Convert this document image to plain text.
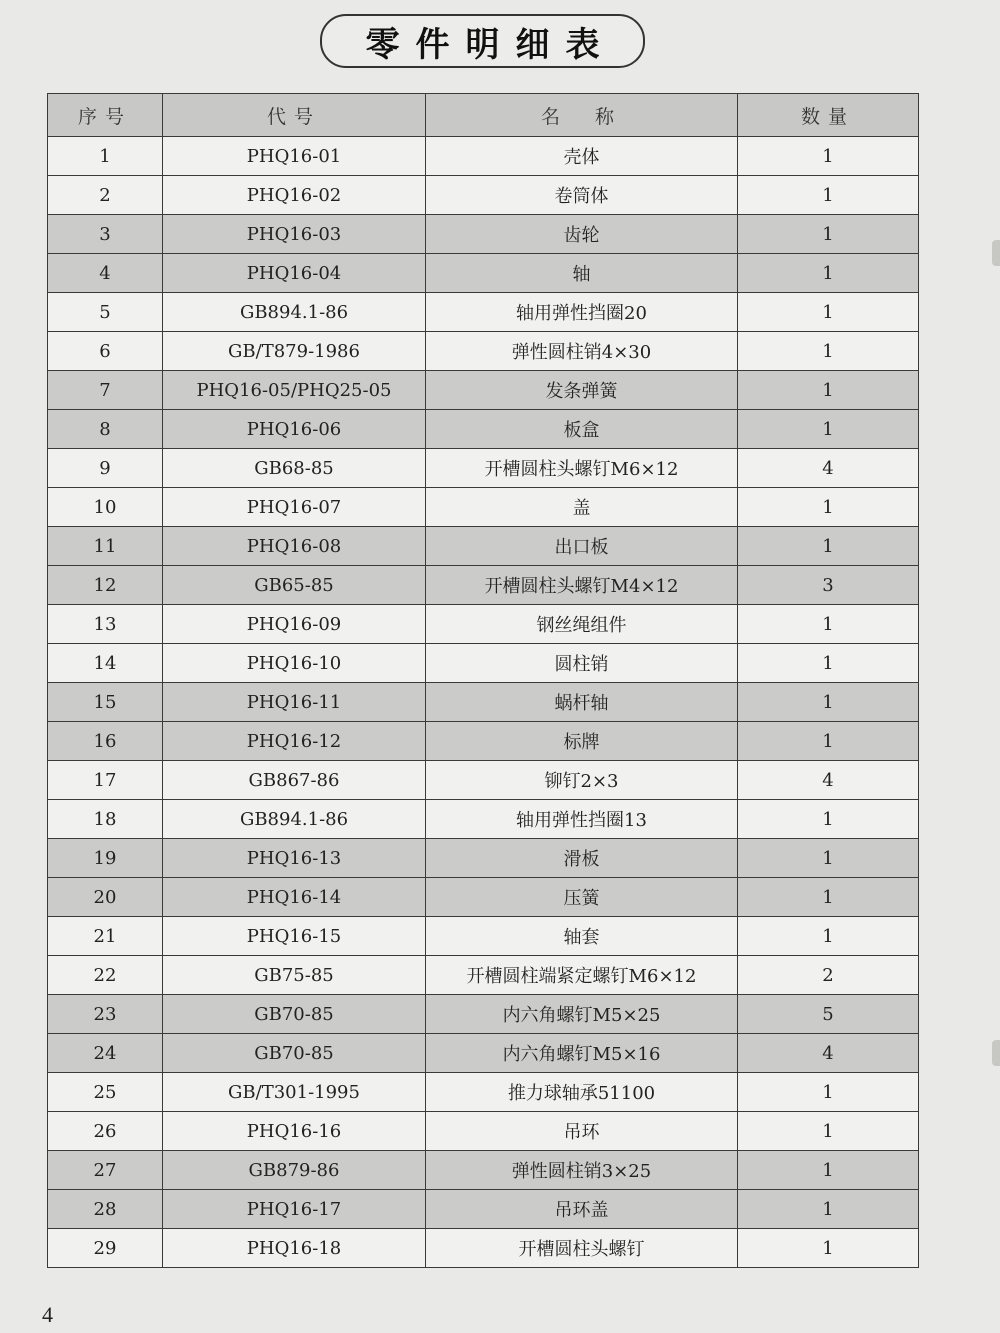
零件明细表
序号	代号	名　称	数量
1	PHQ16-01	壳体	1
2	PHQ16-02	卷筒体	1
3	PHQ16-03	齿轮	1
4	PHQ16-04	轴	1
5	GB894.1-86	轴用弹性挡圈20	1
6	GB/T879-1986	弹性圆柱销4×30	1
7	PHQ16-05/PHQ25-05	发条弹簧	1
8	PHQ16-06	板盒	1
9	GB68-85	开槽圆柱头螺钉M6×12	4
10	PHQ16-07	盖	1
11	PHQ16-08	出口板	1
12	GB65-85	开槽圆柱头螺钉M4×12	3
13	PHQ16-09	钢丝绳组件	1
14	PHQ16-10	圆柱销	1
15	PHQ16-11	蜗杆轴	1
16	PHQ16-12	标牌	1
17	GB867-86	铆钉2×3	4
18	GB894.1-86	轴用弹性挡圈13	1
19	PHQ16-13	滑板	1
20	PHQ16-14	压簧	1
21	PHQ16-15	轴套	1
22	GB75-85	开槽圆柱端紧定螺钉M6×12	2
23	GB70-85	内六角螺钉M5×25	5
24	GB70-85	内六角螺钉M5×16	4
25	GB/T301-1995	推力球轴承51100	1
26	PHQ16-16	吊环	1
27	GB879-86	弹性圆柱销3×25	1
28	PHQ16-17	吊环盖	1
29	PHQ16-18	开槽圆柱头螺钉	1
4
